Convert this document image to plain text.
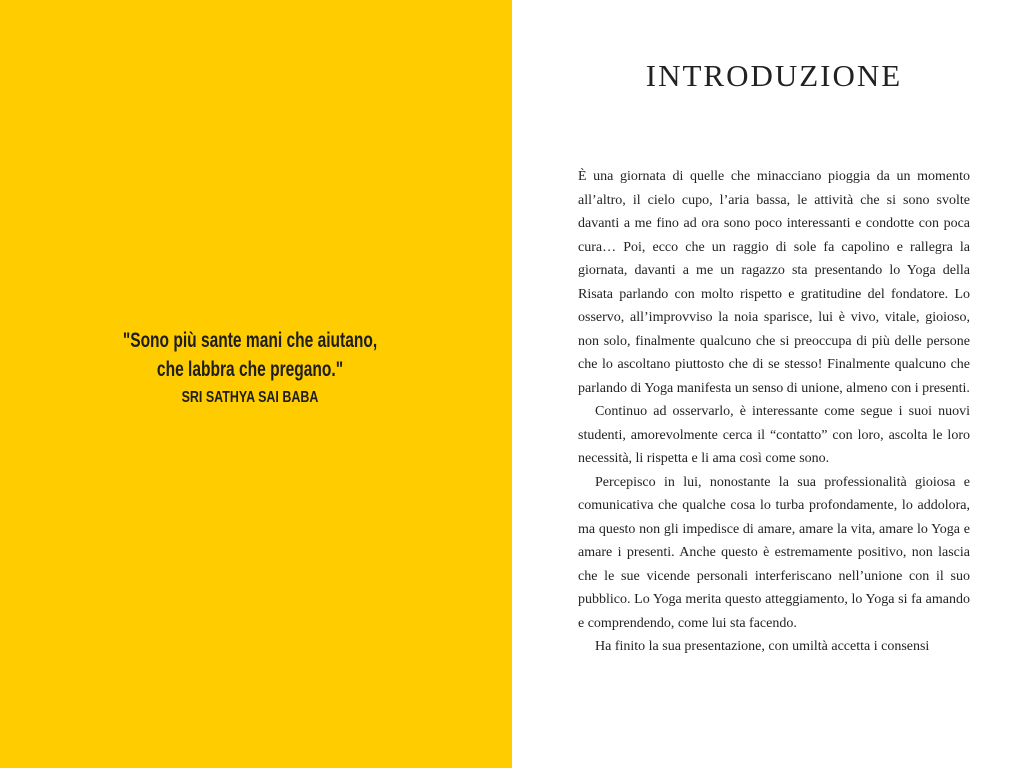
"Sono più sante mani che aiutano,
che labbra che pregano."
SRI SATHYA SAI BABA
INTRODUZIONE

È una giornata di quelle che minacciano pioggia da un momento all’altro, il cielo cupo, l’aria bassa, le attività che si sono svolte davanti a me fino ad ora sono poco interessanti e condotte con poca cura… Poi, ecco che un raggio di sole fa capolino e rallegra la giornata, davanti a me un ragazzo sta presentando lo Yoga della Risata parlando con molto rispetto e gratitudine del fondatore. Lo osservo, all’improvviso la noia sparisce, lui è vivo, vitale, gioioso, non solo, finalmente qualcuno che si preoccupa di più delle persone che lo ascoltano piuttosto che di se stesso! Finalmente qualcuno che parlando di Yoga manifesta un senso di unione, almeno con i presenti.

Continuo ad osservarlo, è interessante come segue i suoi nuovi studenti, amorevolmente cerca il “contatto” con loro, ascolta le loro necessità, li rispetta e li ama così come sono.

Percepisco in lui, nonostante la sua professionalità gioiosa e comunicativa che qualche cosa lo turba profondamente, lo addolora, ma questo non gli impedisce di amare, amare la vita, amare lo Yoga e amare i presenti. Anche questo è estremamente positivo, non lascia che le sue vicende personali interferiscano nell’unione con il suo pubblico. Lo Yoga merita questo atteggiamento, lo Yoga si fa amando e comprendendo, come lui sta facendo.

Ha finito la sua presentazione, con umiltà accetta i consensi
